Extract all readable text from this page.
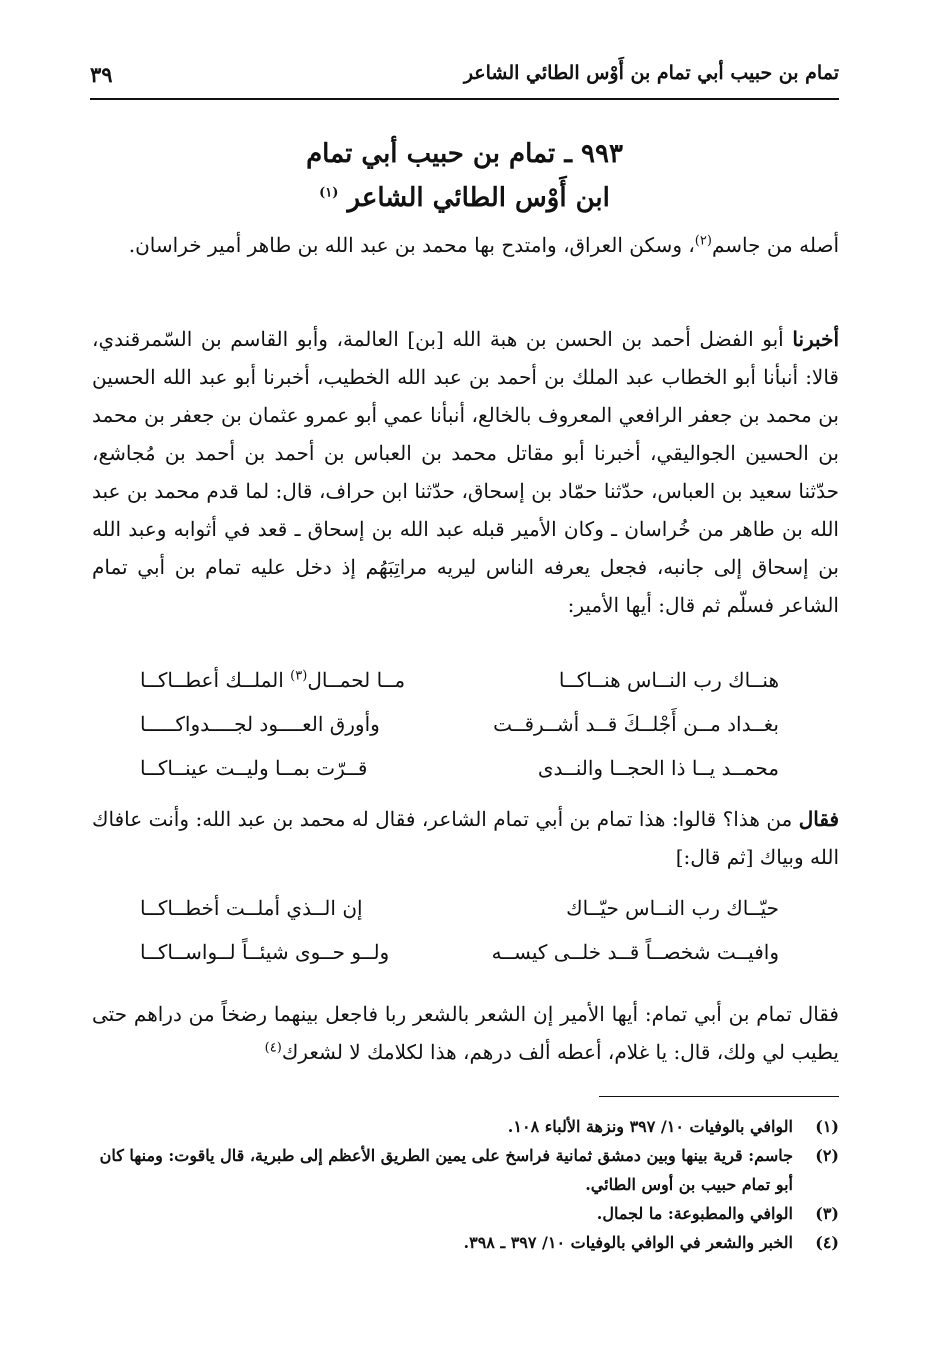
تمام بن حبيب أبي تمام بن أَوْس الطائي الشاعر
٣٩
٩٩٣ ـ تمام بن حبيب أبي تمام
ابن أَوْس الطائي الشاعر $^{(١)}$
أصله من جاسم$^{(٢)}$، وسكن العراق، وامتدح بها محمد بن عبد الله بن طاهر أمير خراسان.
أخبرنا أبو الفضل أحمد بن الحسن بن هبة الله [بن] العالمة، وأبو القاسم بن السّمرقندي، قالا: أنبأنا أبو الخطاب عبد الملك بن أحمد بن عبد الله الخطيب، أخبرنا أبو عبد الله الحسين بن محمد بن جعفر الرافعي المعروف بالخالع، أنبأنا عمي أبو عمرو عثمان بن جعفر بن محمد بن الحسين الجواليقي، أخبرنا أبو مقاتل محمد بن العباس بن أحمد بن أحمد بن مُجاشع، حدّثنا سعيد بن العباس، حدّثنا حمّاد بن إسحاق، حدّثنا ابن حراف، قال: لما قدم محمد بن عبد الله بن طاهر من خُراسان ـ وكان الأمير قبله عبد الله بن إسحاق ـ قعد في أثوابه وعبد الله بن إسحاق إلى جانبه، فجعل يعرفه الناس ليريه مراتِبَهُم إذ دخل عليه تمام بن أبي تمام الشاعر فسلّم ثم قال: أيها الأمير:
هنــاك رب النــاس هنــاكــا
مــا لحمــال$^{(٣)}$ الملــك أعطــاكــا
بغــداد مــن أَجْلــكَ قــد أشــرقــت
وأورق العــــود لجــــدواكـــــا
محمــد يــا ذا الحجــا والنــدى
قــرّت بمــا وليــت عينــاكــا
فقال من هذا؟ قالوا: هذا تمام بن أبي تمام الشاعر، فقال له محمد بن عبد الله: وأنت عافاك الله وبياك [ثم قال:]
حيّــاك رب النــاس حيّــاك
إن الــذي أملــت أخطــاكــا
وافيــت شخصــاً قــد خلــى كيســه
ولــو حــوى شيئــاً لــواســاكــا
فقال تمام بن أبي تمام: أيها الأمير إن الشعر بالشعر ربا فاجعل بينهما رضخاً من دراهم حتى يطيب لي ولك، قال: يا غلام، أعطه ألف درهم، هذا لكلامك لا لشعرك$^{(٤)}$
(١)
الوافي بالوفيات ١٠/ ٣٩٧ ونزهة الألباء ١٠٨.
(٢)
جاسم: قرية بينها وبين دمشق ثمانية فراسخ على يمين الطريق الأعظم إلى طبرية، قال ياقوت: ومنها كان أبو تمام حبيب بن أوس الطائي.
(٣)
الوافي والمطبوعة: ما لجمال.
(٤)
الخبر والشعر في الوافي بالوفيات ١٠/ ٣٩٧ ـ ٣٩٨.
